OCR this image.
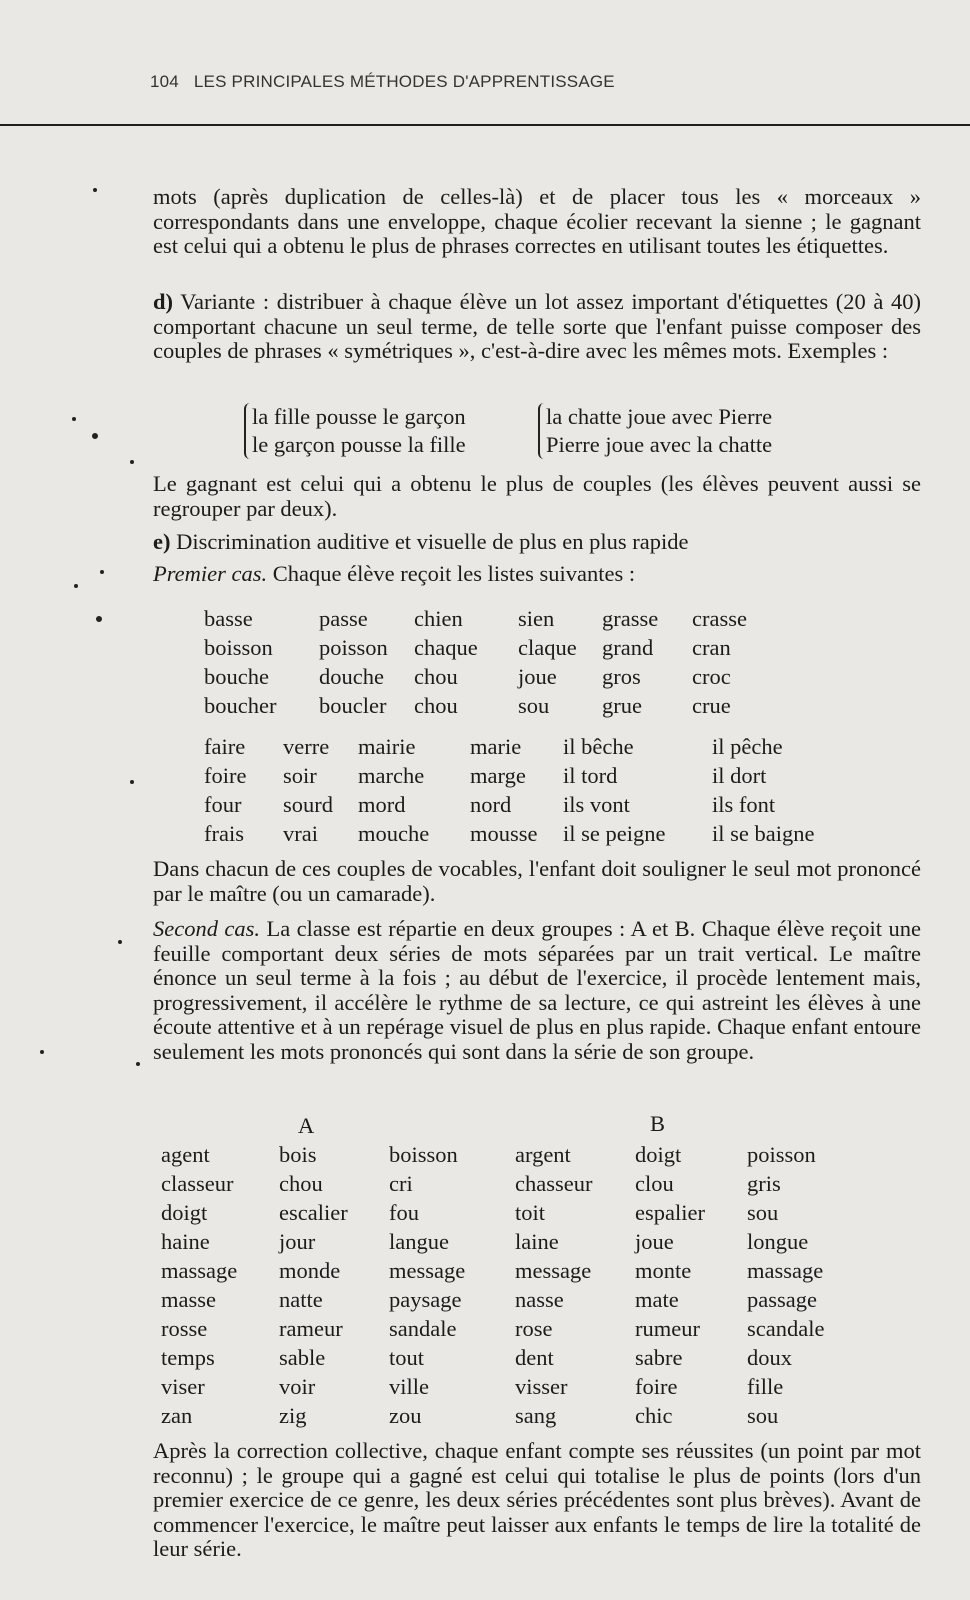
104 LES PRINCIPALES MÉTHODES D'APPRENTISSAGE
mots (après duplication de celles-là) et de placer tous les « morceaux » correspondants dans une enveloppe, chaque écolier recevant la sienne ; le gagnant est celui qui a obtenu le plus de phrases correctes en utilisant toutes les étiquettes.
d) Variante : distribuer à chaque élève un lot assez important d'étiquettes (20 à 40) comportant chacune un seul terme, de telle sorte que l'enfant puisse composer des couples de phrases « symétriques », c'est-à-dire avec les mêmes mots. Exemples :
la fille pousse le garçon
le garçon pousse la fille
la chatte joue avec Pierre
Pierre joue avec la chatte
Le gagnant est celui qui a obtenu le plus de couples (les élèves peuvent aussi se regrouper par deux).
e) Discrimination auditive et visuelle de plus en plus rapide
Premier cas. Chaque élève reçoit les listes suivantes :
basse	passe	chien	sien	grasse	crasse
boisson	poisson	chaque	claque	grand	cran
bouche	douche	chou	joue	gros	croc
boucher	boucler	chou	sou	grue	crue
faire	verre	mairie	marie	il bêche	il pêche
foire	soir	marche	marge	il tord	il dort
four	sourd	mord	nord	ils vont	ils font
frais	vrai	mouche	mousse	il se peigne	il se baigne
Dans chacun de ces couples de vocables, l'enfant doit souligner le seul mot prononcé par le maître (ou un camarade).
Second cas. La classe est répartie en deux groupes : A et B. Chaque élève reçoit une feuille comportant deux séries de mots séparées par un trait vertical. Le maître énonce un seul terme à la fois ; au début de l'exercice, il procède lentement mais, progressivement, il accélère le rythme de sa lecture, ce qui astreint les élèves à une écoute attentive et à un repérage visuel de plus en plus rapide. Chaque enfant entoure seulement les mots prononcés qui sont dans la série de son groupe.
A	B
agent	bois	boisson	argent	doigt	poisson
classeur	chou	cri	chasseur	clou	gris
doigt	escalier	fou	toit	espalier	sou
haine	jour	langue	laine	joue	longue
massage	monde	message	message	monte	massage
masse	natte	paysage	nasse	mate	passage
rosse	rameur	sandale	rose	rumeur	scandale
temps	sable	tout	dent	sabre	doux
viser	voir	ville	visser	foire	fille
zan	zig	zou	sang	chic	sou
Après la correction collective, chaque enfant compte ses réussites (un point par mot reconnu) ; le groupe qui a gagné est celui qui totalise le plus de points (lors d'un premier exercice de ce genre, les deux séries précédentes sont plus brèves). Avant de commencer l'exercice, le maître peut laisser aux enfants le temps de lire la totalité de leur série.
